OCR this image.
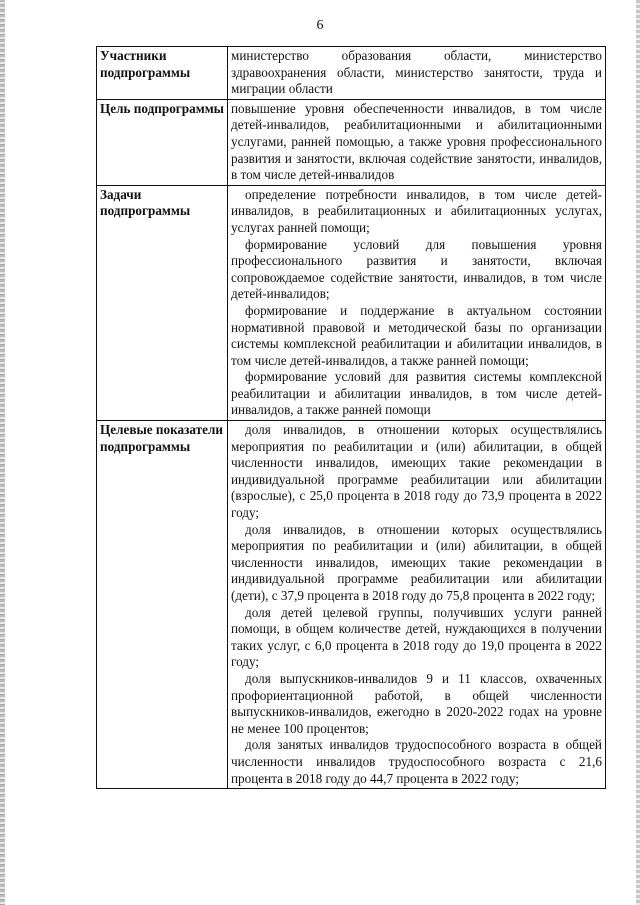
6
Участники подпрограммы	министерство образования области, министерство здравоохранения области, министерство занятости, труда и миграции области

Цель подпрограммы	повышение уровня обеспеченности инвалидов, в том числе детей-инвалидов, реабилитационными и абилитационными услугами, ранней помощью, а также уровня профессионального развития и занятости, включая содействие занятости, инвалидов, в том числе детей-инвалидов

Задачи подпрограммы	определение потребности инвалидов, в том числе детей-инвалидов, в реабилитационных и абилитационных услугах, услугах ранней помощи;

формирование условий для повышения уровня профессионального развития и занятости, включая сопровождаемое содействие занятости, инвалидов, в том числе детей-инвалидов;

формирование и поддержание в актуальном состоянии нормативной правовой и методической базы по организации системы комплексной реабилитации и абилитации инвалидов, в том числе детей-инвалидов, а также ранней помощи;

формирование условий для развития системы комплексной реабилитации и абилитации инвалидов, в том числе детей-инвалидов, а также ранней помощи

Целевые показатели подпрограммы	доля инвалидов, в отношении которых осуществлялись мероприятия по реабилитации и (или) абилитации, в общей численности инвалидов, имеющих такие рекомендации в индивидуальной программе реабилитации или абилитации (взрослые), с 25,0 процента в 2018 году до 73,9 процента в 2022 году;

доля инвалидов, в отношении которых осуществлялись мероприятия по реабилитации и (или) абилитации, в общей численности инвалидов, имеющих такие рекомендации в индивидуальной программе реабилитации или абилитации (дети), с 37,9 процента в 2018 году до 75,8 процента в 2022 году;

доля детей целевой группы, получивших услуги ранней помощи, в общем количестве детей, нуждающихся в получении таких услуг, с 6,0 процента в 2018 году до 19,0 процента в 2022 году;

доля выпускников-инвалидов 9 и 11 классов, охваченных профориентационной работой, в общей численности выпускников-инвалидов, ежегодно в 2020-2022 годах на уровне не менее 100 процентов;

доля занятых инвалидов трудоспособного возраста в общей численности инвалидов трудоспособного возраста с 21,6 процента в 2018 году до 44,7 процента в 2022 году;
